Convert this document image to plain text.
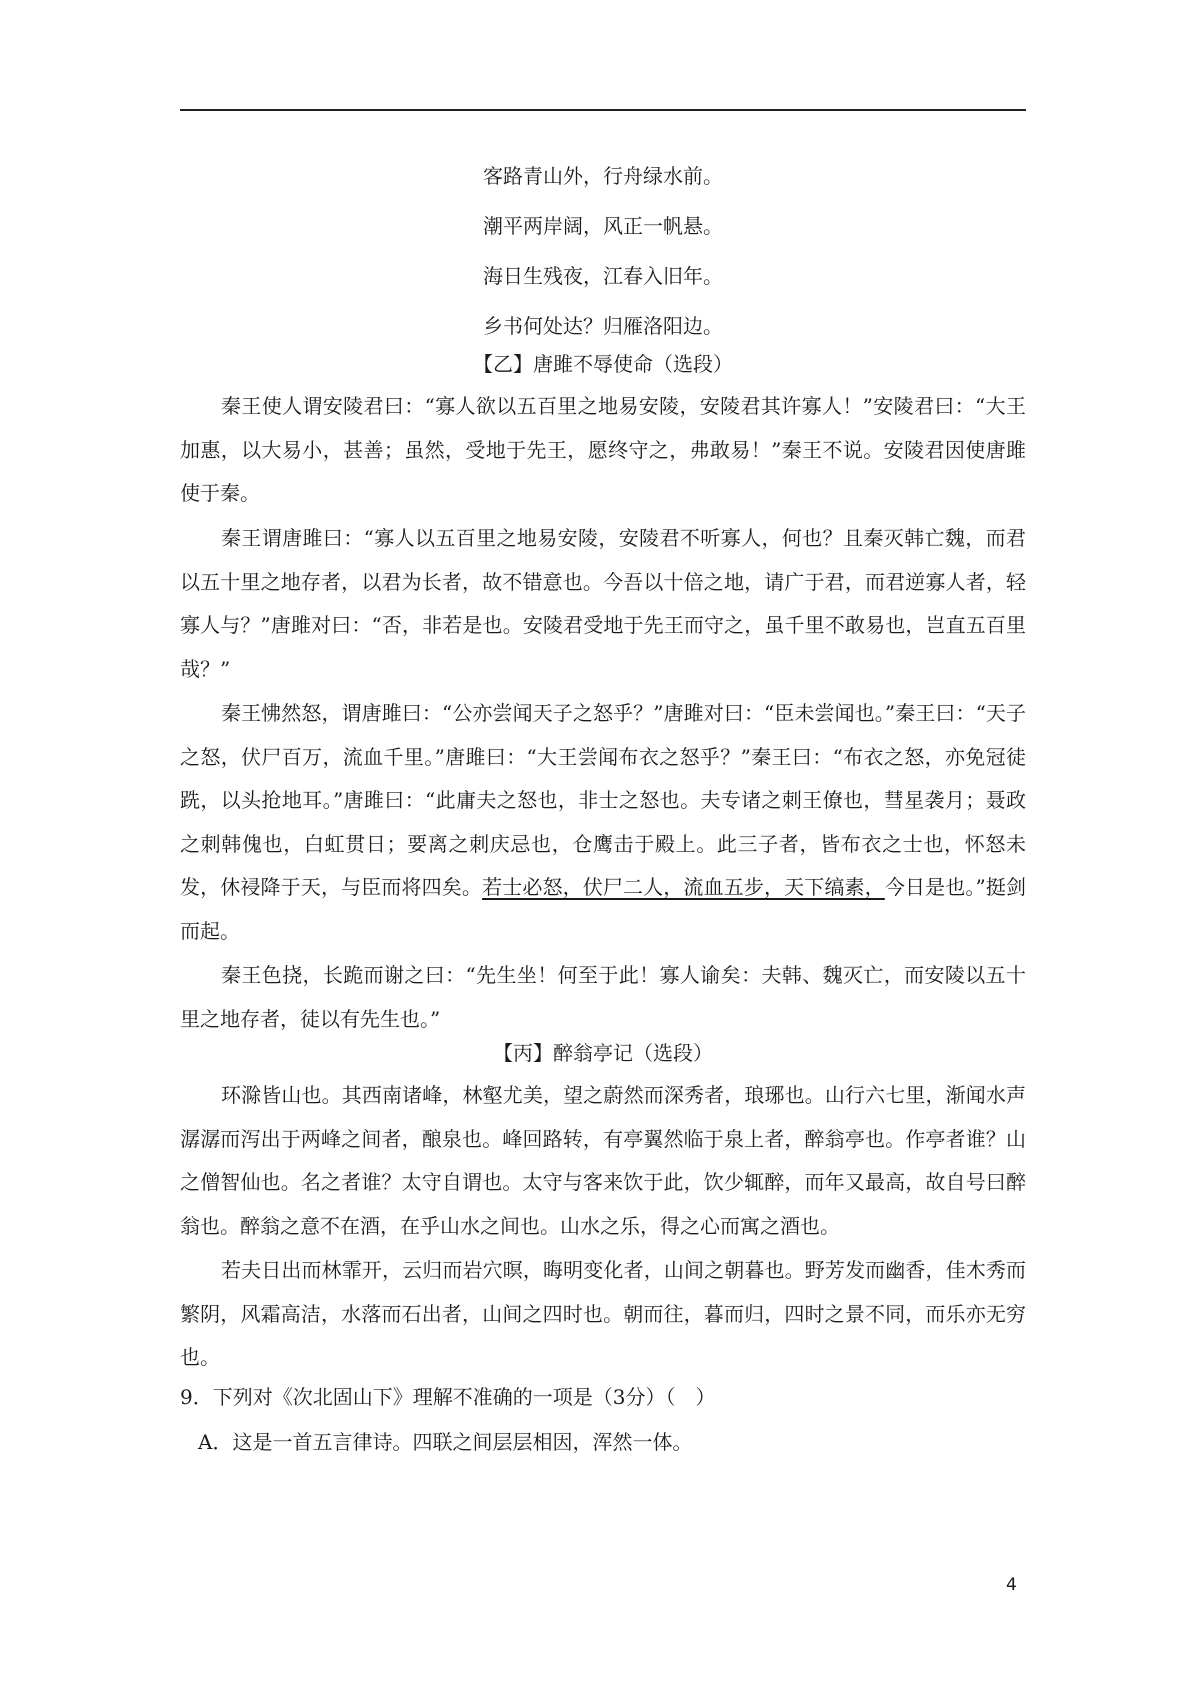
客路青山外，行舟绿水前。
潮平两岸阔，风正一帆悬。
海日生残夜，江春入旧年。
乡书何处达？归雁洛阳边。
【乙】唐雎不辱使命（选段）

秦王使人谓安陵君曰：“寡人欲以五百里之地易安陵，安陵君其许寡人！”安陵君曰：“大王加惠，以大易小，甚善；虽然，受地于先王，愿终守之，弗敢易！”秦王不说。安陵君因使唐雎使于秦。

秦王谓唐雎曰：“寡人以五百里之地易安陵，安陵君不听寡人，何也？且秦灭韩亡魏，而君以五十里之地存者，以君为长者，故不错意也。今吾以十倍之地，请广于君，而君逆寡人者，轻寡人与？”唐雎对曰：“否，非若是也。安陵君受地于先王而守之，虽千里不敢易也，岂直五百里哉？”

秦王怫然怒，谓唐雎曰：“公亦尝闻天子之怒乎？”唐雎对曰：“臣未尝闻也。”秦王曰：“天子之怒，伏尸百万，流血千里。”唐雎曰：“大王尝闻布衣之怒乎？”秦王曰：“布衣之怒，亦免冠徒跣，以头抢地耳。”唐雎曰：“此庸夫之怒也，非士之怒也。夫专诸之刺王僚也，彗星袭月；聂政之刺韩傀也，白虹贯日；要离之刺庆忌也，仓鹰击于殿上。此三子者，皆布衣之士也，怀怒未发，休祲降于天，与臣而将四矣。若士必怒，伏尸二人，流血五步，天下缟素，今日是也。”挺剑而起。

秦王色挠，长跪而谢之曰：“先生坐！何至于此！寡人谕矣：夫韩、魏灭亡，而安陵以五十里之地存者，徒以有先生也。”

【丙】醉翁亭记（选段）

环滁皆山也。其西南诸峰，林壑尤美，望之蔚然而深秀者，琅琊也。山行六七里，渐闻水声潺潺而泻出于两峰之间者，酿泉也。峰回路转，有亭翼然临于泉上者，醉翁亭也。作亭者谁？山之僧智仙也。名之者谁？太守自谓也。太守与客来饮于此，饮少辄醉，而年又最高，故自号曰醉翁也。醉翁之意不在酒，在乎山水之间也。山水之乐，得之心而寓之酒也。

若夫日出而林霏开，云归而岩穴暝，晦明变化者，山间之朝暮也。野芳发而幽香，佳木秀而繁阴，风霜高洁，水落而石出者，山间之四时也。朝而往，暮而归，四时之景不同，而乐亦无穷也。

9．下列对《次北固山下》理解不准确的一项是（3分）（　）
A．这是一首五言律诗。四联之间层层相因，浑然一体。
4
